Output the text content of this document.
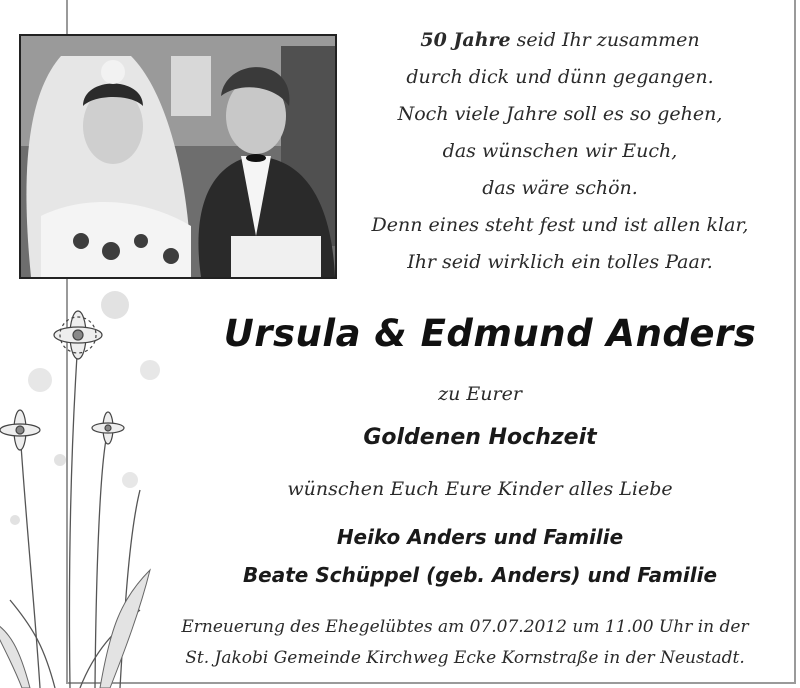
50 Jahre seid Ihr zusammen
durch dick und dünn gegangen.
Noch viele Jahre soll es so gehen,
das wünschen wir Euch,
das wäre schön.
Denn eines steht fest und ist allen klar,
Ihr seid wirklich ein tolles Paar.
Ursula & Edmund Anders
zu Eurer
Goldenen Hochzeit
wünschen Euch Eure Kinder alles Liebe
Heiko Anders und Familie
Beate Schüppel (geb. Anders) und Familie
Erneuerung des Ehegelübtes am 07.07.2012 um 11.00 Uhr in der
St. Jakobi Gemeinde Kirchweg Ecke Kornstraße in der Neustadt.
